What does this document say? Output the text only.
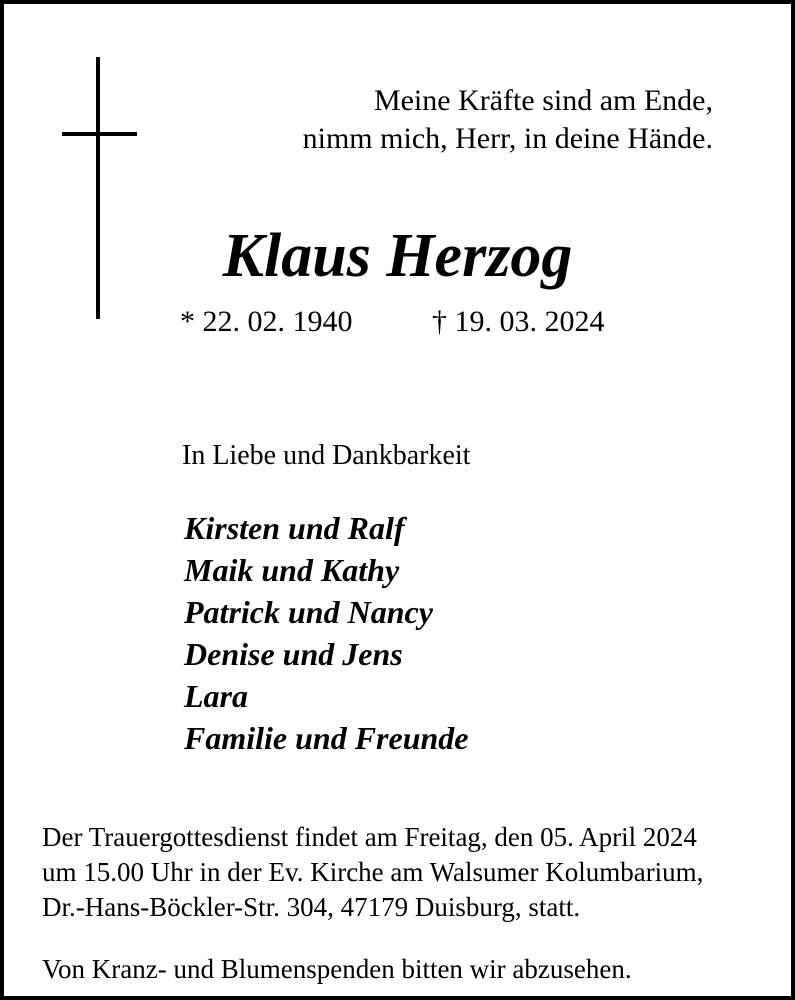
Meine Kräfte sind am Ende,
nimm mich, Herr, in deine Hände.
Klaus Herzog
* 22. 02. 1940	† 19. 03. 2024
In Liebe und Dankbarkeit
Kirsten und Ralf
Maik und Kathy
Patrick und Nancy
Denise und Jens
Lara
Familie und Freunde
Der Trauergottesdienst findet am Freitag, den 05. April 2024
um 15.00 Uhr in der Ev. Kirche am Walsumer Kolumbarium,
Dr.-Hans-Böckler-Str. 304, 47179 Duisburg, statt.
Von Kranz- und Blumenspenden bitten wir abzusehen.
